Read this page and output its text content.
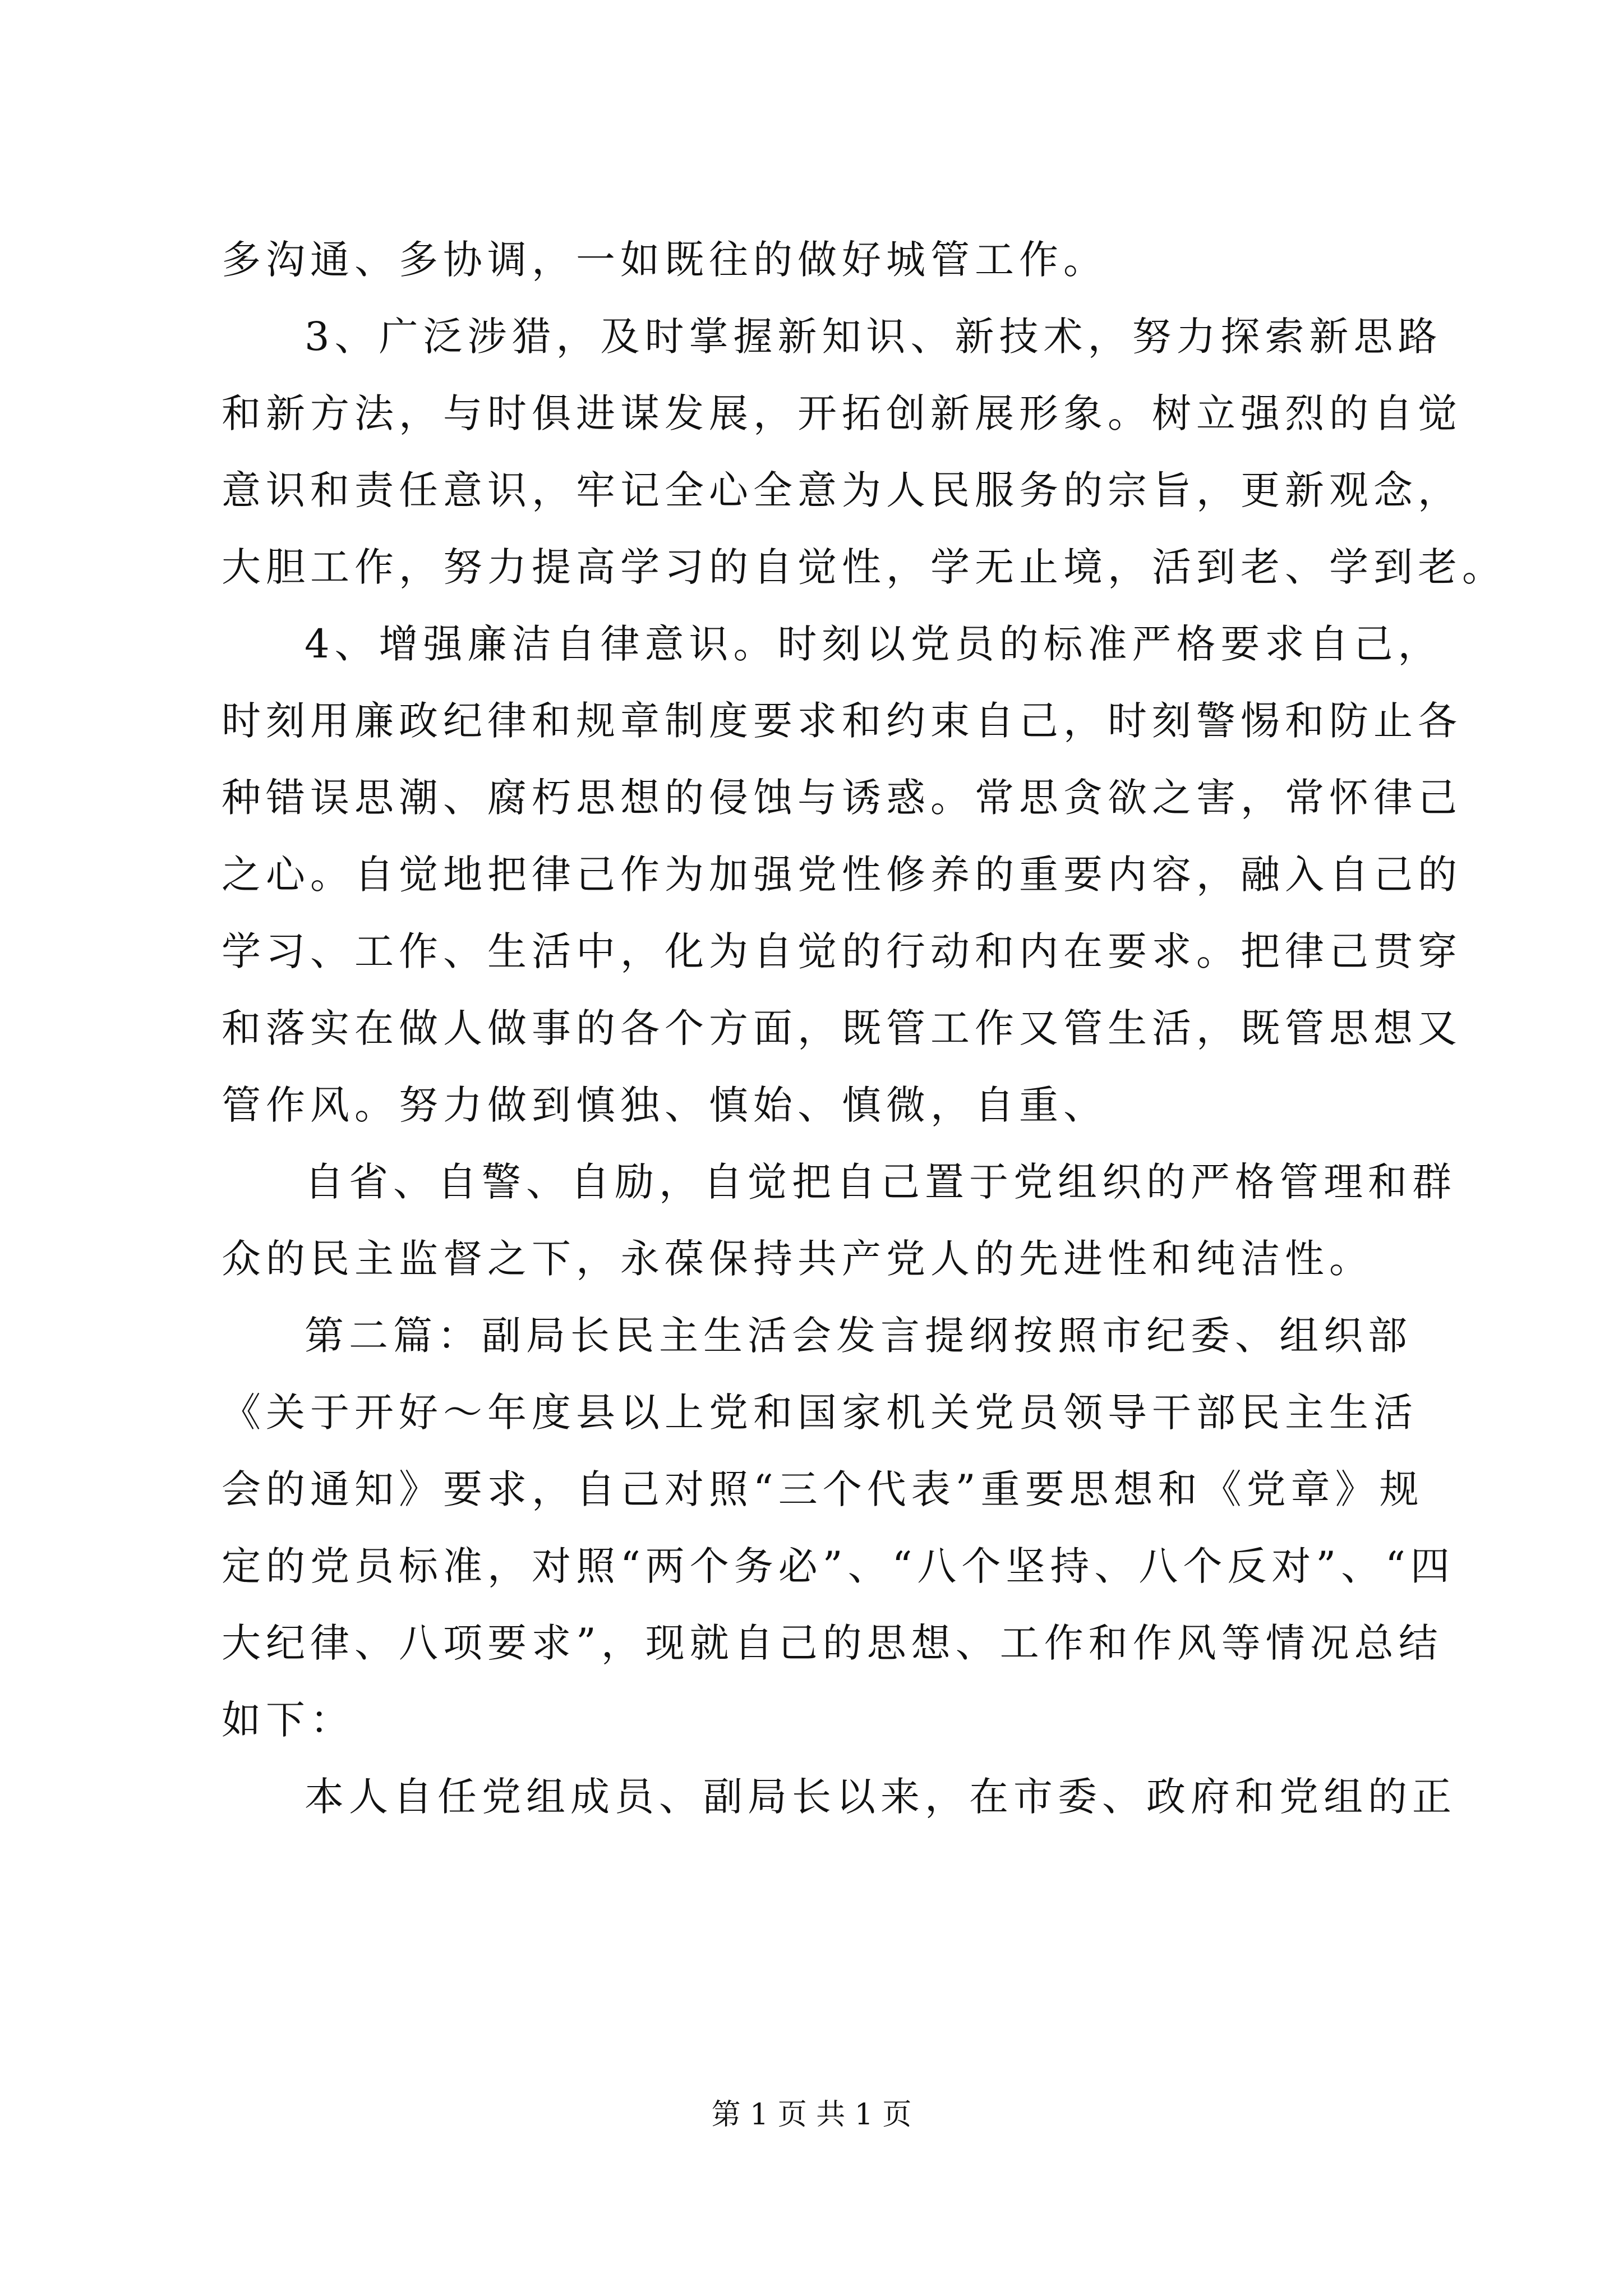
多沟通、多协调，一如既往的做好城管工作。
3、广泛涉猎，及时掌握新知识、新技术，努力探索新思路
和新方法，与时俱进谋发展，开拓创新展形象。树立强烈的自觉
意识和责任意识，牢记全心全意为人民服务的宗旨，更新观念，
大胆工作，努力提高学习的自觉性，学无止境，活到老、学到老。
4、增强廉洁自律意识。时刻以党员的标准严格要求自己，
时刻用廉政纪律和规章制度要求和约束自己，时刻警惕和防止各
种错误思潮、腐朽思想的侵蚀与诱惑。常思贪欲之害，常怀律己
之心。自觉地把律己作为加强党性修养的重要内容，融入自己的
学习、工作、生活中，化为自觉的行动和内在要求。把律己贯穿
和落实在做人做事的各个方面，既管工作又管生活，既管思想又
管作风。努力做到慎独、慎始、慎微，自重、
自省、自警、自励，自觉把自己置于党组织的严格管理和群
众的民主监督之下，永葆保持共产党人的先进性和纯洁性。
第二篇：副局长民主生活会发言提纲按照市纪委、组织部
《关于开好～年度县以上党和国家机关党员领导干部民主生活
会的通知》要求，自己对照“三个代表”重要思想和《党章》规
定的党员标准，对照“两个务必”、“八个坚持、八个反对”、“四
大纪律、八项要求”，现就自己的思想、工作和作风等情况总结
如下：
本人自任党组成员、副局长以来，在市委、政府和党组的正
第 1 页 共 1 页
